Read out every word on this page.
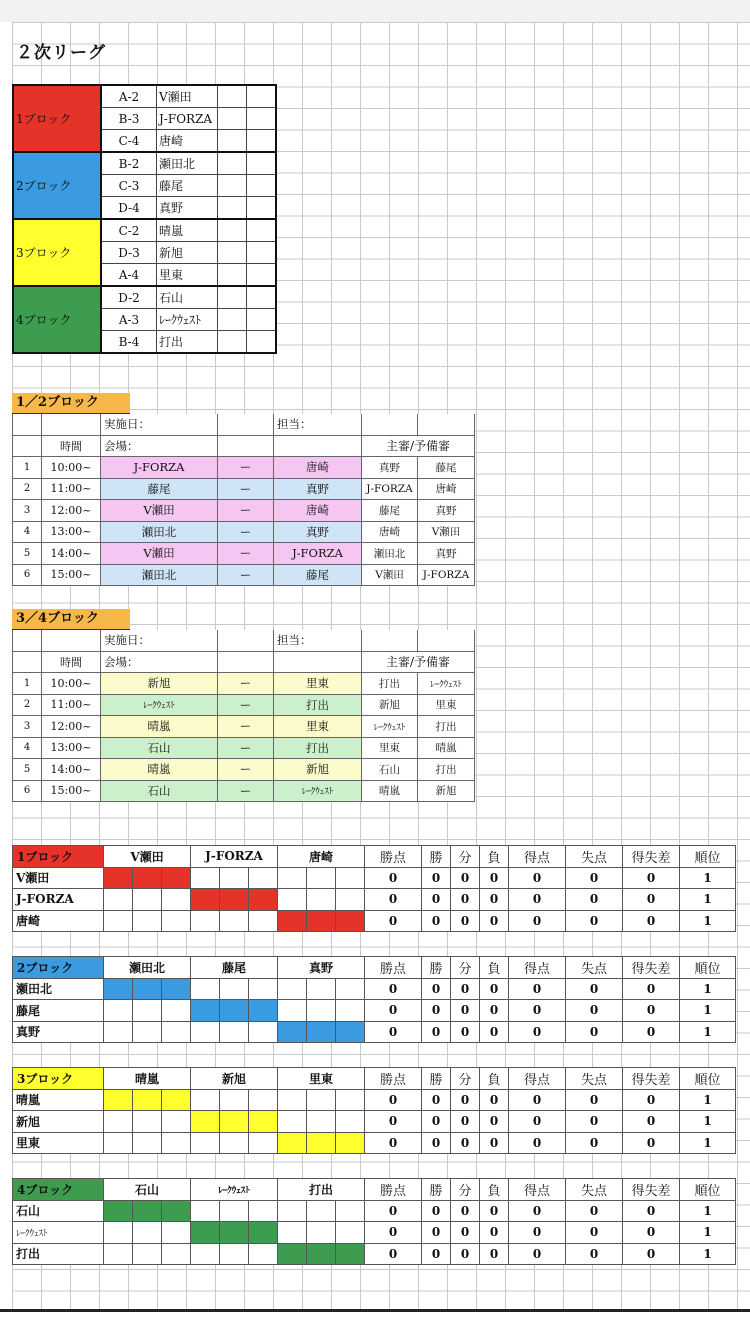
２次リーグ
1ブロック	A-2	V瀬田		
	B-3	J-FORZA		
	C-4	唐崎		
2ブロック	B-2	瀬田北		
	C-3	藤尾		
	D-4	真野		
3ブロック	C-2	晴嵐		
	D-3	新旭		
	A-4	里東		
4ブロック	D-2	石山		
	A-3	ﾚｰｸｳｪｽﾄ		
	B-4	打出		
1／2ブロック
		実施日：		担当：		
	時間	会場：			主審/予備審	
1	10:00~	J-FORZA	ー	唐崎	真野	藤尾
2	11:00~	藤尾	ー	真野	J-FORZA	唐崎
3	12:00~	V瀬田	ー	唐崎	藤尾	真野
4	13:00~	瀬田北	ー	真野	唐崎	V瀬田
5	14:00~	V瀬田	ー	J-FORZA	瀬田北	真野
6	15:00~	瀬田北	ー	藤尾	V瀬田	J-FORZA
3／4ブロック
		実施日：		担当：		
	時間	会場：			主審/予備審	
1	10:00~	新旭	ー	里東	打出	ﾚｰｸｳｪｽﾄ
2	11:00~	ﾚｰｸｳｪｽﾄ	ー	打出	新旭	里東
3	12:00~	晴嵐	ー	里東	ﾚｰｸｳｪｽﾄ	打出
4	13:00~	石山	ー	打出	里東	晴嵐
5	14:00~	晴嵐	ー	新旭	石山	打出
6	15:00~	石山	ー	ﾚｰｸｳｪｽﾄ	晴嵐	新旭
1ブロック	V瀬田			J-FORZA			唐崎			勝点	勝	分	負	得点	失点	得失差	順位
V瀬田										0	0	0	0	0	0	0	1
J-FORZA										0	0	0	0	0	0	0	1
唐崎										0	0	0	0	0	0	0	1
2ブロック	瀬田北			藤尾			真野			勝点	勝	分	負	得点	失点	得失差	順位
瀬田北										0	0	0	0	0	0	0	1
藤尾										0	0	0	0	0	0	0	1
真野										0	0	0	0	0	0	0	1
3ブロック	晴嵐			新旭			里東			勝点	勝	分	負	得点	失点	得失差	順位
晴嵐										0	0	0	0	0	0	0	1
新旭										0	0	0	0	0	0	0	1
里東										0	0	0	0	0	0	0	1
4ブロック	石山			ﾚｰｸｳｪｽﾄ			打出			勝点	勝	分	負	得点	失点	得失差	順位
石山										0	0	0	0	0	0	0	1
ﾚｰｸｳｪｽﾄ										0	0	0	0	0	0	0	1
打出										0	0	0	0	0	0	0	1
